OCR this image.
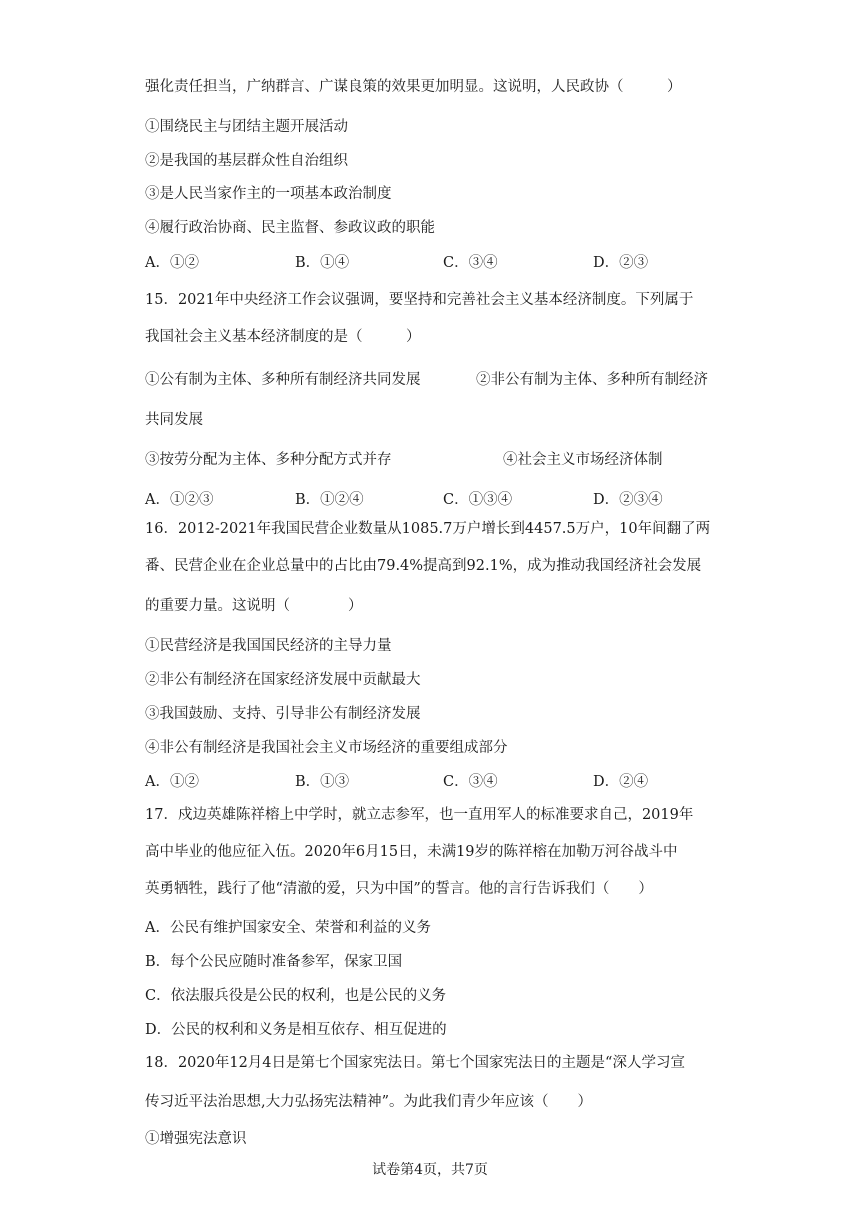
强化责任担当，广纳群言、广谋良策的效果更加明显。这说明，人民政协（　　　）
①围绕民主与团结主题开展活动
②是我国的基层群众性自治组织
③是人民当家作主的一项基本政治制度
④履行政治协商、民主监督、参政议政的职能
A．①②	B．①④	C．③④	D．②③
15．2021年中央经济工作会议强调，要坚持和完善社会主义基本经济制度。下列属于
我国社会主义基本经济制度的是（　　　）
①公有制为主体、多种所有制经济共同发展	②非公有制为主体、多种所有制经济
共同发展
③按劳分配为主体、多种分配方式并存	④社会主义市场经济体制
A．①②③	B．①②④	C．①③④	D．②③④
16．2012-2021年我国民营企业数量从1085.7万户增长到4457.5万户，10年间翻了两
番、民营企业在企业总量中的占比由79.4%提高到92.1%，成为推动我国经济社会发展
的重要力量。这说明（　　　　）
①民营经济是我国国民经济的主导力量
②非公有制经济在国家经济发展中贡献最大
③我国鼓励、支持、引导非公有制经济发展
④非公有制经济是我国社会主义市场经济的重要组成部分
A．①②	B．①③	C．③④	D．②④
17．戍边英雄陈祥榕上中学时，就立志参军，也一直用军人的标准要求自己，2019年
高中毕业的他应征入伍。2020年6月15日，未满19岁的陈祥榕在加勒万河谷战斗中
英勇牺牲，践行了他“清澈的爱，只为中国”的誓言。他的言行告诉我们（　　）
A．公民有维护国家安全、荣誉和利益的义务
B．每个公民应随时准备参军，保家卫国
C．依法服兵役是公民的权利，也是公民的义务
D．公民的权利和义务是相互依存、相互促进的
18．2020年12月4日是第七个国家宪法日。第七个国家宪法日的主题是“深人学习宣
传习近平法治思想,大力弘扬宪法精神”。为此我们青少年应该（　　）
①增强宪法意识
试卷第4页，共7页
